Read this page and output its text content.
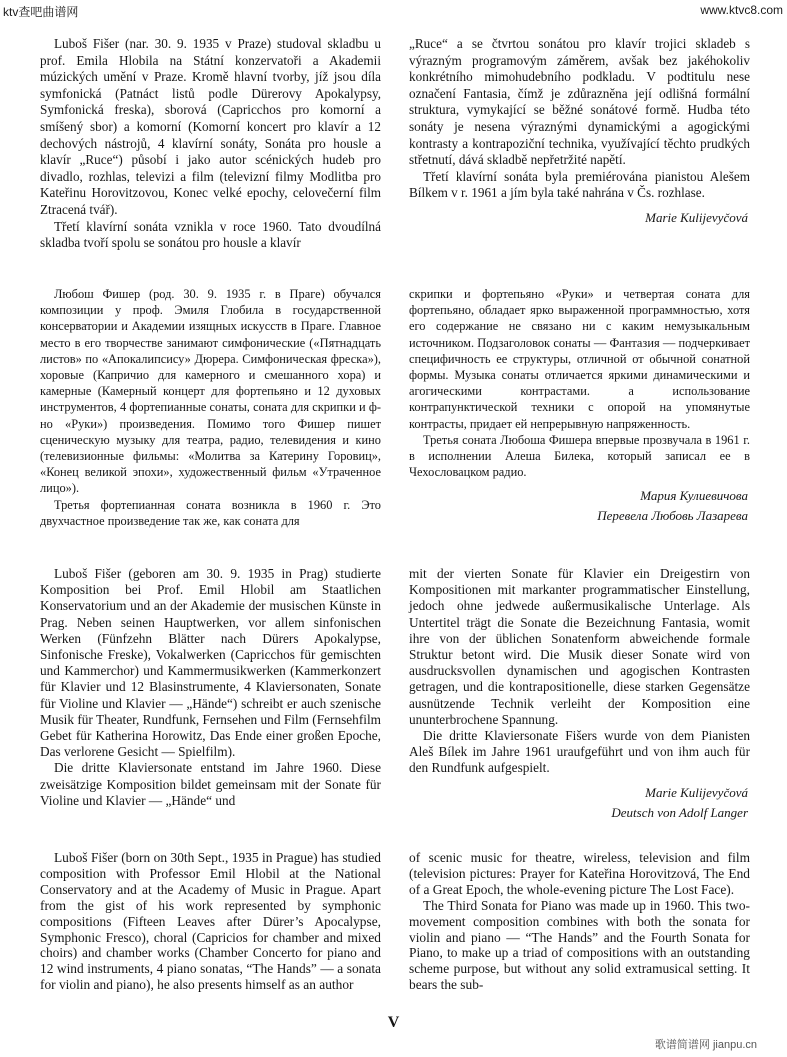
ktv查吧曲谱网	www.ktvc8.com

Luboš Fišer (nar. 30. 9. 1935 v Praze) studoval skladbu u prof. Emila Hlobila na Státní konzervatoři a Akademii múzických umění v Praze. Kromě hlavní tvorby, jíž jsou díla symfonická (Patnáct listů podle Dürerovy Apokalypsy, Symfonická freska), sborová (Capricchos pro komorní a smíšený sbor) a komorní (Komorní koncert pro klavír a 12 dechových nástrojů, 4 klavírní sonáty, Sonáta pro housle a klavír „Ruce“) působí i jako autor scénických hudeb pro divadlo, rozhlas, televizi a film (televizní filmy Modlitba pro Kateřinu Horovitzovou, Konec velké epochy, celovečerní film Ztracená tvář).

Třetí klavírní sonáta vznikla v roce 1960. Tato dvoudílná skladba tvoří spolu se sonátou pro housle a klavír

„Ruce“ a se čtvrtou sonátou pro klavír trojici skladeb s výrazným programovým záměrem, avšak bez jakéhokoliv konkrétního mimohudebního podkladu. V podtitulu nese označení Fantasia, čímž je zdůrazněna její odlišná formální struktura, vymykající se běžné sonátové formě. Hudba této sonáty je nesena výraznými dynamickými a agogickými kontrasty a kontrapoziční technika, využívající těchto prudkých střetnutí, dává skladbě nepřetržité napětí.

Třetí klavírní sonáta byla premiérována pianistou Alešem Bílkem v r. 1961 a jím byla také nahrána v Čs. rozhlase.

Marie Kulijevyčová

Любош Фишер (род. 30. 9. 1935 г. в Праге) обучался композиции у проф. Эмиля Глобила в государственной консерватории и Академии изящных искусств в Праге. Главное место в его творчестве занимают симфонические («Пятнадцать листов» по «Апокалипсису» Дюрера. Симфоническая фреска»), хоровые (Капричио для камерного и смешанного хора) и камерные (Камерный концерт для фортепьяно и 12 духовых инструментов, 4 фортепианные сонаты, соната для скрипки и ф-но «Руки») произведения. Помимо того Фишер пишет сценическую музыку для театра, радио, телевидения и кино (телевизионные фильмы: «Молитва за Катерину Горовиц», «Конец великой эпохи», художественный фильм «Утраченное лицо»).

Третья фортепианная соната возникла в 1960 г. Это двухчастное произведение так же, как соната для

скрипки и фортепьяно «Руки» и четвертая соната для фортепьяно, обладает ярко выраженной программностью, хотя его содержание не связано ни с каким немузыкальным источником. Подзаголовок сонаты — Фантазия — подчеркивает специфичность ее структуры, отличной от обычной сонатной формы. Музыка сонаты отличается яркими динамическими и агогическими контрастами. а использование контрапунктической техники с опорой на упомянутые контрасты, придает ей непрерывную напряженность.

Третья соната Любоша Фишера впервые прозвучала в 1961 г. в исполнении Алеша Билека, который записал ее в Чехословацком радио.

Мария Кулиевичова
Перевела Любовь Лазарева

Luboš Fišer (geboren am 30. 9. 1935 in Prag) studierte Komposition bei Prof. Emil Hlobil am Staatlichen Konservatorium und an der Akademie der musischen Künste in Prag. Neben seinen Hauptwerken, vor allem sinfonischen Werken (Fünfzehn Blätter nach Dürers Apokalypse, Sinfonische Freske), Vokalwerken (Capricchos für gemischten und Kammerchor) und Kammermusikwerken (Kammerkonzert für Klavier und 12 Blasinstrumente, 4 Klaviersonaten, Sonate für Violine und Klavier — „Hände“) schreibt er auch szenische Musik für Theater, Rundfunk, Fernsehen und Film (Fernsehfilm Gebet für Katherina Horowitz, Das Ende einer großen Epoche, Das verlorene Gesicht — Spielfilm).

Die dritte Klaviersonate entstand im Jahre 1960. Diese zweisätzige Komposition bildet gemeinsam mit der Sonate für Violine und Klavier — „Hände“ und

mit der vierten Sonate für Klavier ein Dreigestirn von Kompositionen mit markanter programmatischer Einstellung, jedoch ohne jedwede außermusikalische Unterlage. Als Untertitel trägt die Sonate die Bezeichnung Fantasia, womit ihre von der üblichen Sonatenform abweichende formale Struktur betont wird. Die Musik dieser Sonate wird von ausdrucksvollen dynamischen und agogischen Kontrasten getragen, und die kontrapositionelle, diese starken Gegensätze ausnützende Technik verleiht der Komposition eine ununterbrochene Spannung.

Die dritte Klaviersonate Fišers wurde von dem Pianisten Aleš Bílek im Jahre 1961 uraufgeführt und von ihm auch für den Rundfunk aufgespielt.

Marie Kulijevyčová
Deutsch von Adolf Langer

Luboš Fišer (born on 30th Sept., 1935 in Prague) has studied composition with Professor Emil Hlobil at the National Conservatory and at the Academy of Music in Prague. Apart from the gist of his work represented by symphonic compositions (Fifteen Leaves after Dürer’s Apocalypse, Symphonic Fresco), choral (Capricios for chamber and mixed choirs) and chamber works (Chamber Concerto for piano and 12 wind instruments, 4 piano sonatas, “The Hands” — a sonata for violin and piano), he also presents himself as an author

of scenic music for theatre, wireless, television and film (television pictures: Prayer for Kateřina Horovitzová, The End of a Great Epoch, the whole-evening picture The Lost Face).

The Third Sonata for Piano was made up in 1960. This two-movement composition combines with both the sonata for violin and piano — “The Hands” and the Fourth Sonata for Piano, to make up a triad of compositions with an outstanding scheme purpose, but without any solid extramusical setting. It bears the sub-

V
歌谱简谱网 jianpu.cn
